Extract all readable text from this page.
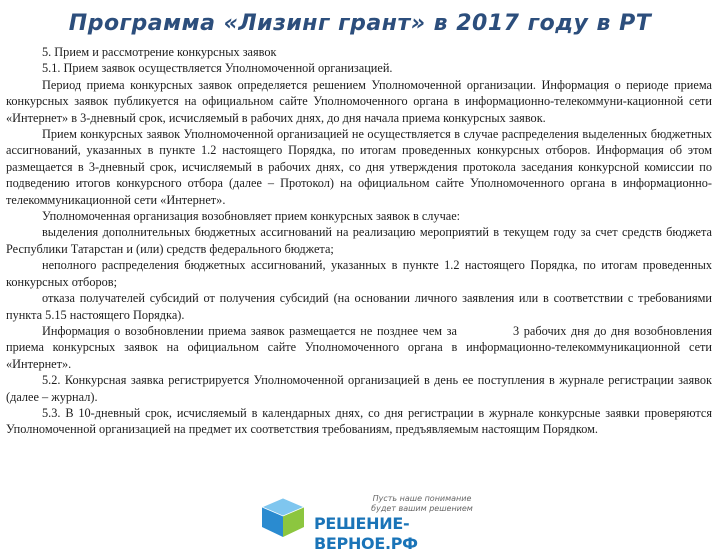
Программа «Лизинг грант» в 2017 году в РТ

5. Прием и рассмотрение конкурсных заявок

5.1. Прием заявок осуществляется Уполномоченной организацией.

Период приема конкурсных заявок определяется решением Уполномоченной организации. Информация о периоде приема конкурсных заявок публикуется на официальном сайте Уполномоченного органа в информационно-телекоммуни-кационной сети «Интернет» в 3-дневный срок, исчисляемый в рабочих днях, до дня начала приема конкурсных заявок.

Прием конкурсных заявок Уполномоченной организацией не осуществляется в случае распределения выделенных бюджетных ассигнований, указанных в пункте 1.2 настоящего Порядка, по итогам проведенных конкурсных отборов. Информация об этом размещается в 3-дневный срок, исчисляемый в рабочих днях, со дня утверждения протокола заседания конкурсной комиссии по подведению итогов конкурсного отбора (далее – Протокол) на официальном сайте Уполномоченного органа в информационно-телекоммуникационной сети «Интернет».

Уполномоченная организация возобновляет прием конкурсных заявок в случае:

выделения дополнительных бюджетных ассигнований на реализацию мероприятий в текущем году за счет средств бюджета Республики Татарстан и (или) средств федерального бюджета;

неполного распределения бюджетных ассигнований, указанных в пункте 1.2 настоящего Порядка, по итогам проведенных конкурсных отборов;

отказа получателей субсидий от получения субсидий (на основании личного заявления или в соответствии с требованиями пункта 5.15 настоящего Порядка).

Информация о возобновлении приема заявок размещается не позднее чем за	3 рабочих дня до дня возобновления приема конкурсных заявок на официальном сайте Уполномоченного органа в информационно-телекоммуникационной сети «Интернет».

5.2. Конкурсная заявка регистрируется Уполномоченной организацией в день ее поступления в журнале регистрации заявок (далее – журнал).

5.3. В 10-дневный срок, исчисляемый в календарных днях, со дня регистрации в журнале конкурсные заявки проверяются Уполномоченной организацией на предмет их соответствия требованиям, предъявляемым настоящим Порядком.

Пусть наше понимание
будет вашим решением
РЕШЕНИЕ-ВЕРНОЕ.РФ
